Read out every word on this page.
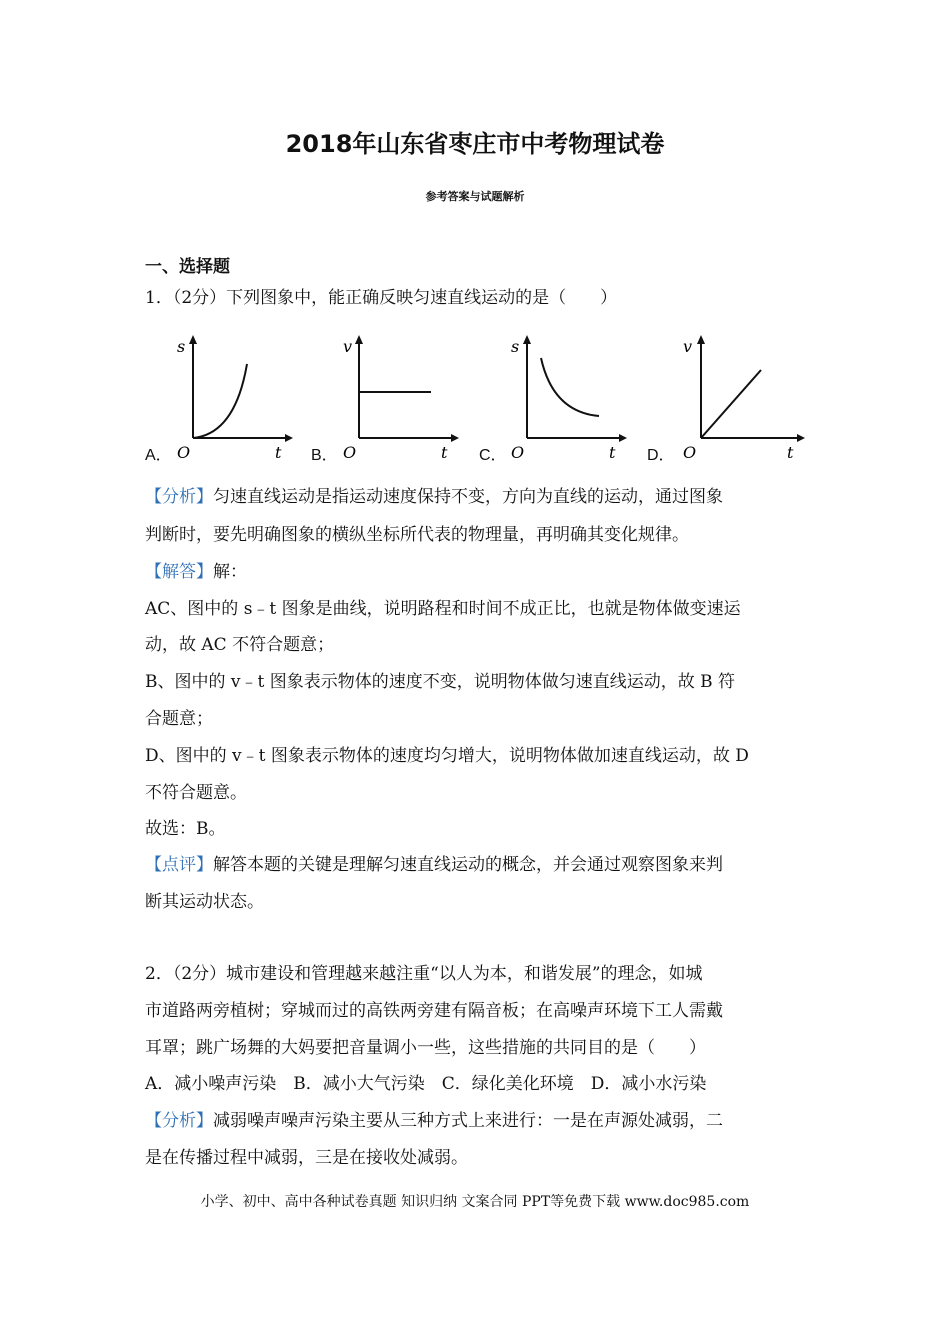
2018年山东省枣庄市中考物理试卷
参考答案与试题解析
一、选择题
1．（2分）下列图象中，能正确反映匀速直线运动的是（　　）
A．
s
O	t B．
v
O	t C．
s
O	t D．
v
O	t
【分析】匀速直线运动是指运动速度保持不变，方向为直线的运动，通过图象
判断时，要先明确图象的横纵坐标所代表的物理量，再明确其变化规律。
【解答】解：
AC、图中的 s﹣t 图象是曲线，说明路程和时间不成正比，也就是物体做变速运
动，故 AC 不符合题意；
B、图中的 v﹣t 图象表示物体的速度不变，说明物体做匀速直线运动，故 B 符
合题意；
D、图中的 v﹣t 图象表示物体的速度均匀增大，说明物体做加速直线运动，故 D
不符合题意。
故选：B。
【点评】解答本题的关键是理解匀速直线运动的概念，并会通过观察图象来判
断其运动状态。
2．（2分）城市建设和管理越来越注重“以人为本，和谐发展”的理念，如城
市道路两旁植树；穿城而过的高铁两旁建有隔音板；在高噪声环境下工人需戴
耳罩；跳广场舞的大妈要把音量调小一些，这些措施的共同目的是（　　）
A．减小噪声污染　B．减小大气污染　C．绿化美化环境　D．减小水污染
【分析】减弱噪声噪声污染主要从三种方式上来进行：一是在声源处减弱，二
是在传播过程中减弱，三是在接收处减弱。
小学、初中、高中各种试卷真题 知识归纳 文案合同 PPT等免费下载 www.doc985.com
